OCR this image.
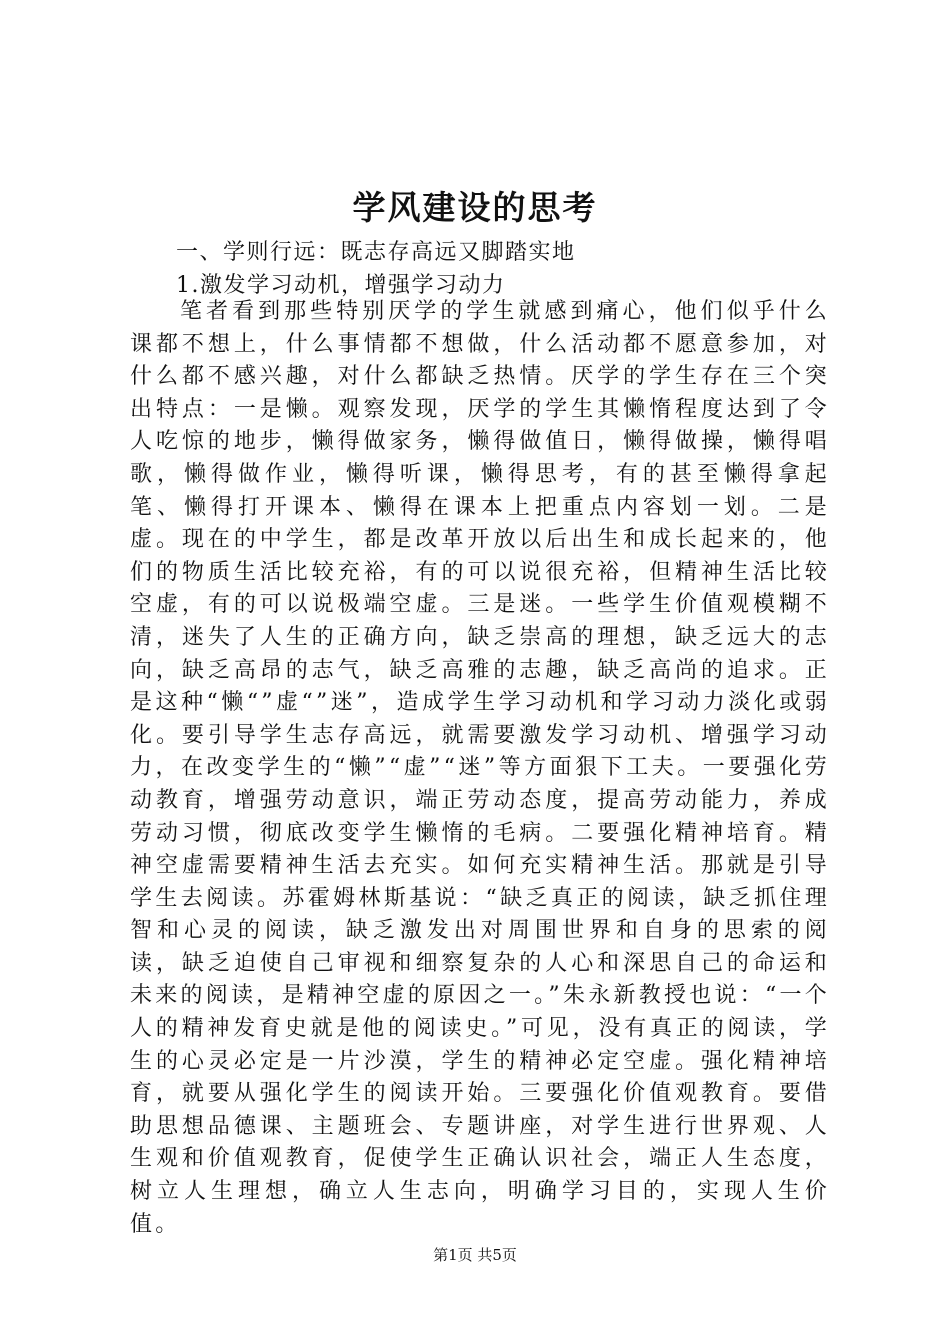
学风建设的思考

一、学则行远：既志存高远又脚踏实地

1.激发学习动机，增强学习动力

笔者看到那些特别厌学的学生就感到痛心，他们似乎什么课都不想上，什么事情都不想做，什么活动都不愿意参加，对什么都不感兴趣，对什么都缺乏热情。厌学的学生存在三个突出特点：一是懒。观察发现，厌学的学生其懒惰程度达到了令人吃惊的地步，懒得做家务，懒得做值日，懒得做操，懒得唱歌，懒得做作业，懒得听课，懒得思考，有的甚至懒得拿起笔、懒得打开课本、懒得在课本上把重点内容划一划。二是虚。现在的中学生，都是改革开放以后出生和成长起来的，他们的物质生活比较充裕，有的可以说很充裕，但精神生活比较空虚，有的可以说极端空虚。三是迷。一些学生价值观模糊不清，迷失了人生的正确方向，缺乏崇高的理想，缺乏远大的志向，缺乏高昂的志气，缺乏高雅的志趣，缺乏高尚的追求。正是这种“懒“”虚“”迷”，造成学生学习动机和学习动力淡化或弱化。要引导学生志存高远，就需要激发学习动机、增强学习动力，在改变学生的“懒”“虚”“迷”等方面狠下工夫。一要强化劳动教育，增强劳动意识，端正劳动态度，提高劳动能力，养成劳动习惯，彻底改变学生懒惰的毛病。二要强化精神培育。精神空虚需要精神生活去充实。如何充实精神生活。那就是引导学生去阅读。苏霍姆林斯基说：“缺乏真正的阅读，缺乏抓住理智和心灵的阅读，缺乏激发出对周围世界和自身的思索的阅读，缺乏迫使自己审视和细察复杂的人心和深思自己的命运和未来的阅读，是精神空虚的原因之一。”朱永新教授也说：“一个人的精神发育史就是他的阅读史。”可见，没有真正的阅读，学生的心灵必定是一片沙漠，学生的精神必定空虚。强化精神培育，就要从强化学生的阅读开始。三要强化价值观教育。要借助思想品德课、主题班会、专题讲座，对学生进行世界观、人生观和价值观教育，促使学生正确认识社会，端正人生态度，树立人生理想，确立人生志向，明确学习目的，实现人生价值。

第1页 共5页
